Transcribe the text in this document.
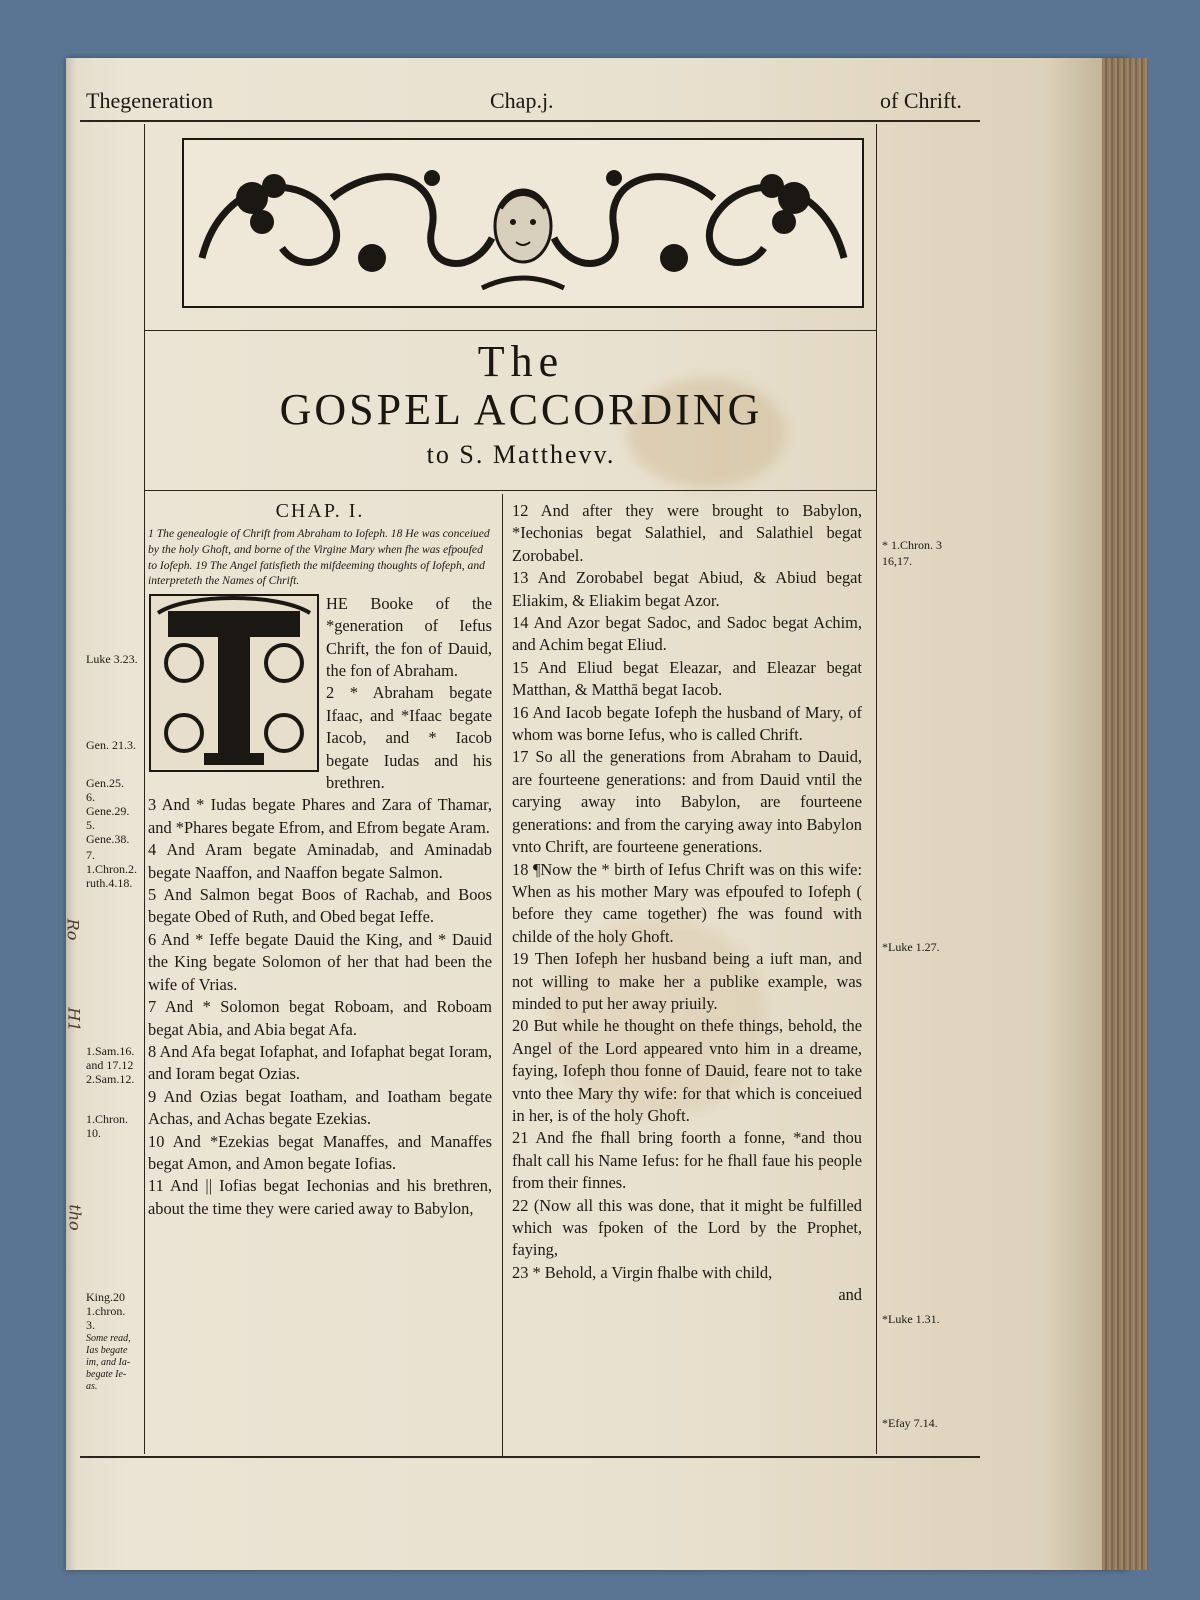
Thegeneration	Chap.j.	of Chrift.
The
GOSPEL ACCORDING
to S. Matthevv.
CHAP. I.
1 The genealogie of Chrift from Abraham to Iofeph. 18 He was conceiued by the holy Ghoft, and borne of the Virgine Mary when fhe was efpoufed to Iofeph. 19 The Angel fatisfieth the mifdeeming thoughts of Iofeph, and interpreteth the Names of Chrift.

HE Booke of the *generation of Iefus Chrift, the fon of Dauid, the fon of Abraham.

2 * Abraham begate Ifaac, and *Ifaac begate Iacob, and * Iacob begate Iudas and his brethren.

3 And * Iudas begate Phares and Zara of Thamar, and *Phares begate Efrom, and Efrom begate Aram.

4 And Aram begate Aminadab, and Aminadab begate Naaffon, and Naaffon begate Salmon.

5 And Salmon begat Boos of Rachab, and Boos begate Obed of Ruth, and Obed begat Ieffe.

6 And * Ieffe begate Dauid the King, and * Dauid the King begate Solomon of her that had been the wife of Vrias.

7 And * Solomon begat Roboam, and Roboam begat Abia, and Abia begat Afa.

8 And Afa begat Iofaphat, and Iofaphat begat Ioram, and Ioram begat Ozias.

9 And Ozias begat Ioatham, and Ioatham begate Achas, and Achas begate Ezekias.

10 And *Ezekias begat Manaffes, and Manaffes begat Amon, and Amon begate Iofias.

11 And || Iofias begat Iechonias and his brethren, about the time they were caried away to Babylon,

12 And after they were brought to Babylon, *Iechonias begat Salathiel, and Salathiel begat Zorobabel.

13 And Zorobabel begat Abiud, & Abiud begat Eliakim, & Eliakim begat Azor.

14 And Azor begat Sadoc, and Sadoc begat Achim, and Achim begat Eliud.

15 And Eliud begat Eleazar, and Eleazar begat Matthan, & Matthā begat Iacob.

16 And Iacob begate Iofeph the husband of Mary, of whom was borne Iefus, who is called Chrift.

17 So all the generations from Abraham to Dauid, are fourteene generations: and from Dauid vntil the carying away into Babylon, are fourteene generations: and from the carying away into Babylon vnto Chrift, are fourteene generations.

18 ¶Now the * birth of Iefus Chrift was on this wife: When as his mother Mary was efpoufed to Iofeph ( before they came together) fhe was found with childe of the holy Ghoft.

19 Then Iofeph her husband being a iuft man, and not willing to make her a publike example, was minded to put her away priuily.

20 But while he thought on thefe things, behold, the Angel of the Lord appeared vnto him in a dreame, faying, Iofeph thou fonne of Dauid, feare not to take vnto thee Mary thy wife: for that which is conceiued in her, is of the holy Ghoft.

21 And fhe fhall bring foorth a fonne, *and thou fhalt call his Name Iefus: for he fhall faue his people from their finnes.

22 (Now all this was done, that it might be fulfilled which was fpoken of the Lord by the Prophet, faying,

23 * Behold, a Virgin fhalbe with child,

and

Luke 3.23.
Gen. 21.3.
Gen.25.
6.
Gene.29.
5.
Gene.38.
7.
1.Chron.2.
ruth.4.18.
1.Sam.16.
and 17.12
2.Sam.12.
1.Chron.
10.
King.20
1.chron.
3.
Some read,
Ias begate
im, and Ia-
begate Ie-
as.
* 1.Chron. 3
16,17.
*Luke 1.27.
*Luke 1.31.
*Efay 7.14.
Ro
H1
tho
